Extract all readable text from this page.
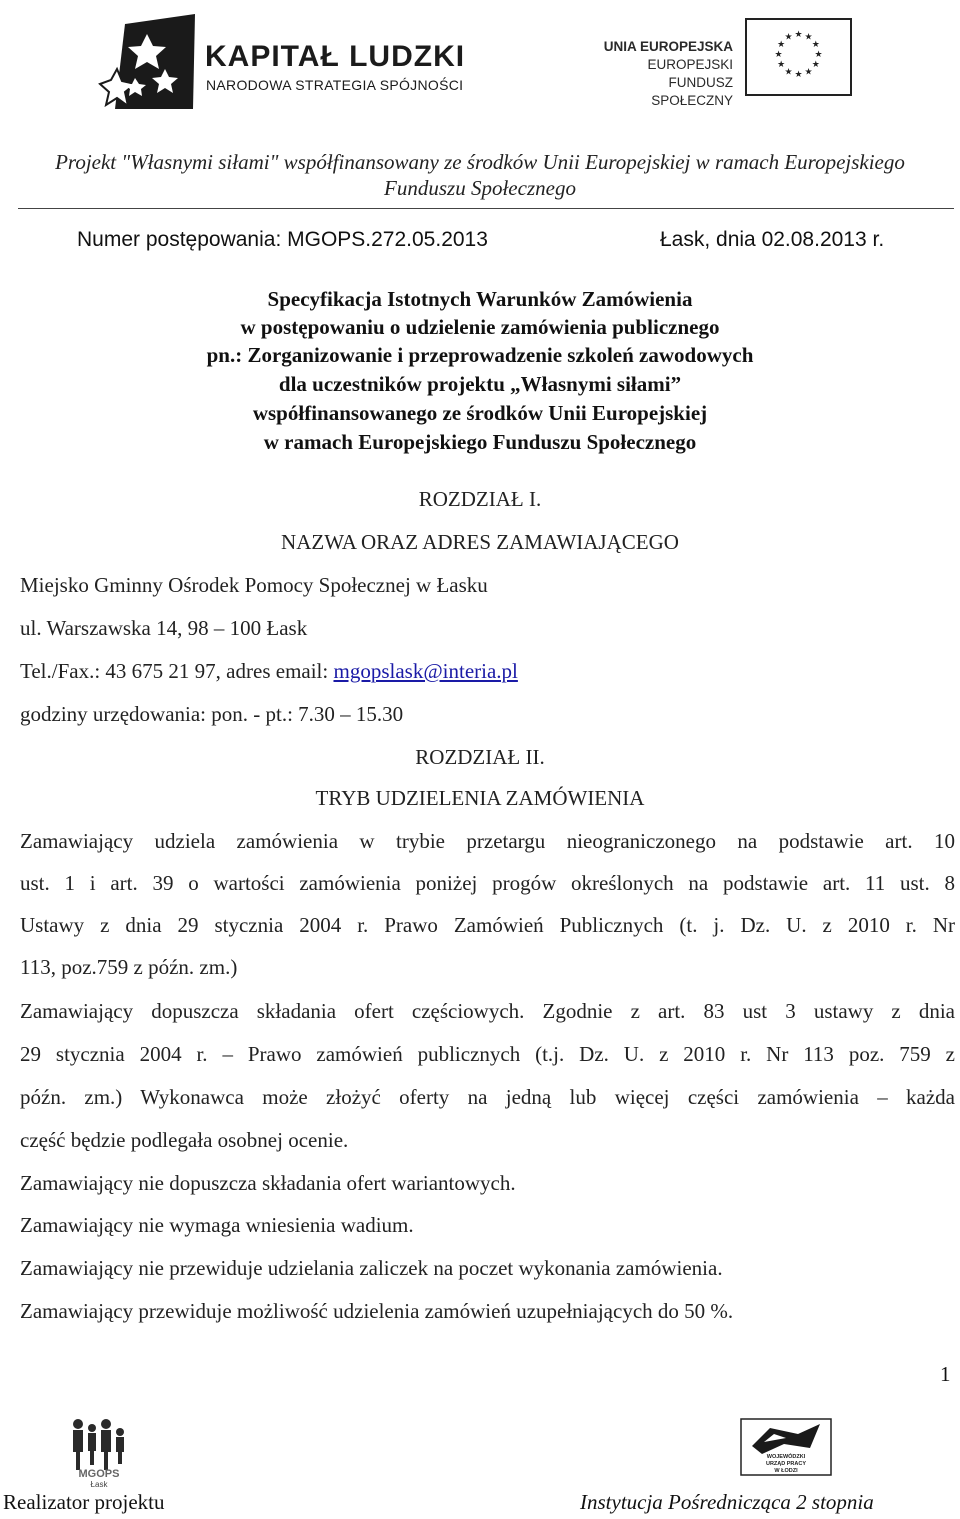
KAPITAŁ LUDZKI
NARODOWA STRATEGIA SPÓJNOŚCI
UNIA EUROPEJSKA
EUROPEJSKI
FUNDUSZ SPOŁECZNY
★ ★
★
★
★
★
★
★
★
★
★
★
Projekt "Własnymi siłami" współfinansowany ze środków Unii Europejskiej w ramach Europejskiego
Funduszu Społecznego
Numer postępowania: MGOPS.272.05.2013	Łask, dnia 02.08.2013 r.
Specyfikacja Istotnych Warunków Zamówienia
w postępowaniu o udzielenie zamówienia publicznego
pn.: Zorganizowanie i przeprowadzenie szkoleń zawodowych
dla uczestników projektu „Własnymi siłami”
współfinansowanego ze środków Unii Europejskiej
w ramach Europejskiego Funduszu Społecznego
ROZDZIAŁ I.
NAZWA ORAZ ADRES ZAMAWIAJĄCEGO
Miejsko Gminny Ośrodek Pomocy Społecznej w Łasku
ul. Warszawska 14, 98 – 100 Łask
Tel./Fax.: 43 675 21 97, adres email: mgopslask@interia.pl
godziny urzędowania: pon. - pt.: 7.30 – 15.30
ROZDZIAŁ II.
TRYB UDZIELENIA ZAMÓWIENIA
Zamawiający udziela zamówienia w trybie przetargu nieograniczonego na podstawie art. 10
ust. 1 i art. 39 o wartości zamówienia poniżej progów określonych na podstawie art. 11 ust. 8
Ustawy z dnia 29 stycznia 2004 r. Prawo Zamówień Publicznych (t. j. Dz. U. z 2010 r. Nr
113, poz.759 z późn. zm.)
Zamawiający dopuszcza składania ofert częściowych. Zgodnie z art. 83 ust 3 ustawy z dnia
29 stycznia 2004 r. – Prawo zamówień publicznych (t.j. Dz. U. z 2010 r. Nr 113 poz. 759 z
późn. zm.) Wykonawca może złożyć oferty na jedną lub więcej części zamówienia – każda
część będzie podlegała osobnej ocenie.
Zamawiający nie dopuszcza składania ofert wariantowych.
Zamawiający nie wymaga wniesienia wadium.
Zamawiający nie przewiduje udzielania zaliczek na poczet wykonania zamówienia.
Zamawiający przewiduje możliwość udzielenia zamówień uzupełniających do 50 %.
1
MGOPS
Łask
WOJEWÓDZKI
URZĄD PRACY
W ŁODZI
Realizator projektu	Instytucja Pośrednicząca 2 stopnia
